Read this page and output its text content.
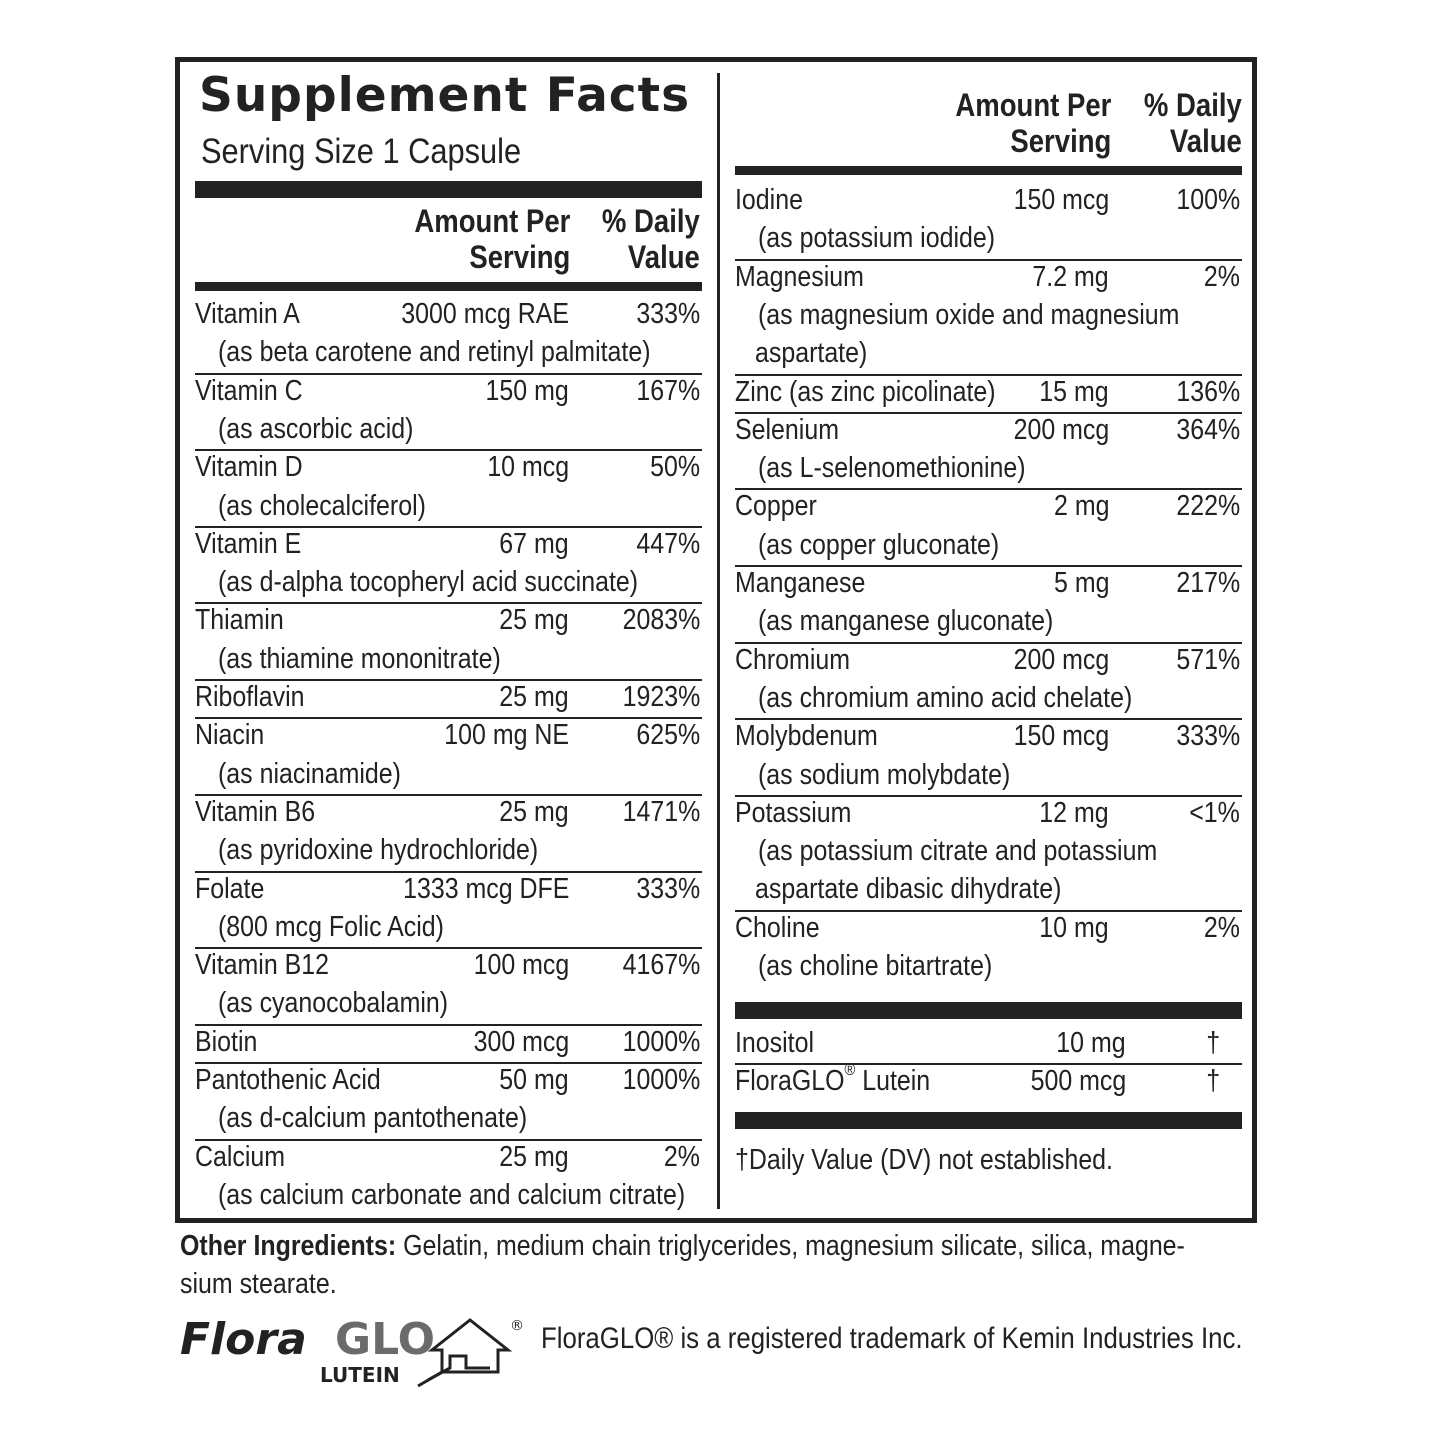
Supplement Facts
Serving Size 1 Capsule
Amount Per
Serving
% Daily
Value
Amount Per
Serving
% Daily
Value
Vitamin A	3000 mcg RAE 333%
(as beta carotene and retinyl palmitate)
Vitamin C	150 mg 167%
(as ascorbic acid)
Vitamin D	10 mcg	50%
(as cholecalciferol)
Vitamin E	67 mg 447%
(as d-alpha tocopheryl acid succinate)
Thiamin	25 mg 2083%
(as thiamine mononitrate)
Riboflavin	25 mg 1923%
Niacin	100 mg NE 625%
(as niacinamide)
Vitamin B6	25 mg 1471%
(as pyridoxine hydrochloride)
Folate	1333 mcg DFE 333%
(800 mcg Folic Acid)
Vitamin B12	100 mcg 4167%
(as cyanocobalamin)
Biotin	300 mcg 1000%
Pantothenic Acid	50 mg 1000%
(as d-calcium pantothenate)
Calcium	25 mg	2%
(as calcium carbonate and calcium citrate)
Iodine	150 mcg 100%
(as potassium iodide)
Magnesium	7.2 mg	2%
(as magnesium oxide and magnesium
aspartate)
Zinc (as zinc picolinate) 15 mg 136%
Selenium	200 mcg 364%
(as L-selenomethionine)
Copper	2 mg 222%
(as copper gluconate)
Manganese	5 mg 217%
(as manganese gluconate)
Chromium	200 mcg 571%
(as chromium amino acid chelate)
Molybdenum	150 mcg 333%
(as sodium molybdate)
Potassium	12 mg	<1%
(as potassium citrate and potassium
aspartate dibasic dihydrate)
Choline	10 mg	2%
(as choline bitartrate)
Inositol	10 mg	†
FloraGLO® Lutein	500 mcg	†
†Daily Value (DV) not established.
Other Ingredients: Gelatin, medium chain triglycerides, magnesium silicate, silica, magne-sium stearate.
Flora GLO
LUTEIN
® FloraGLO® is a registered trademark of Kemin Industries Inc.
